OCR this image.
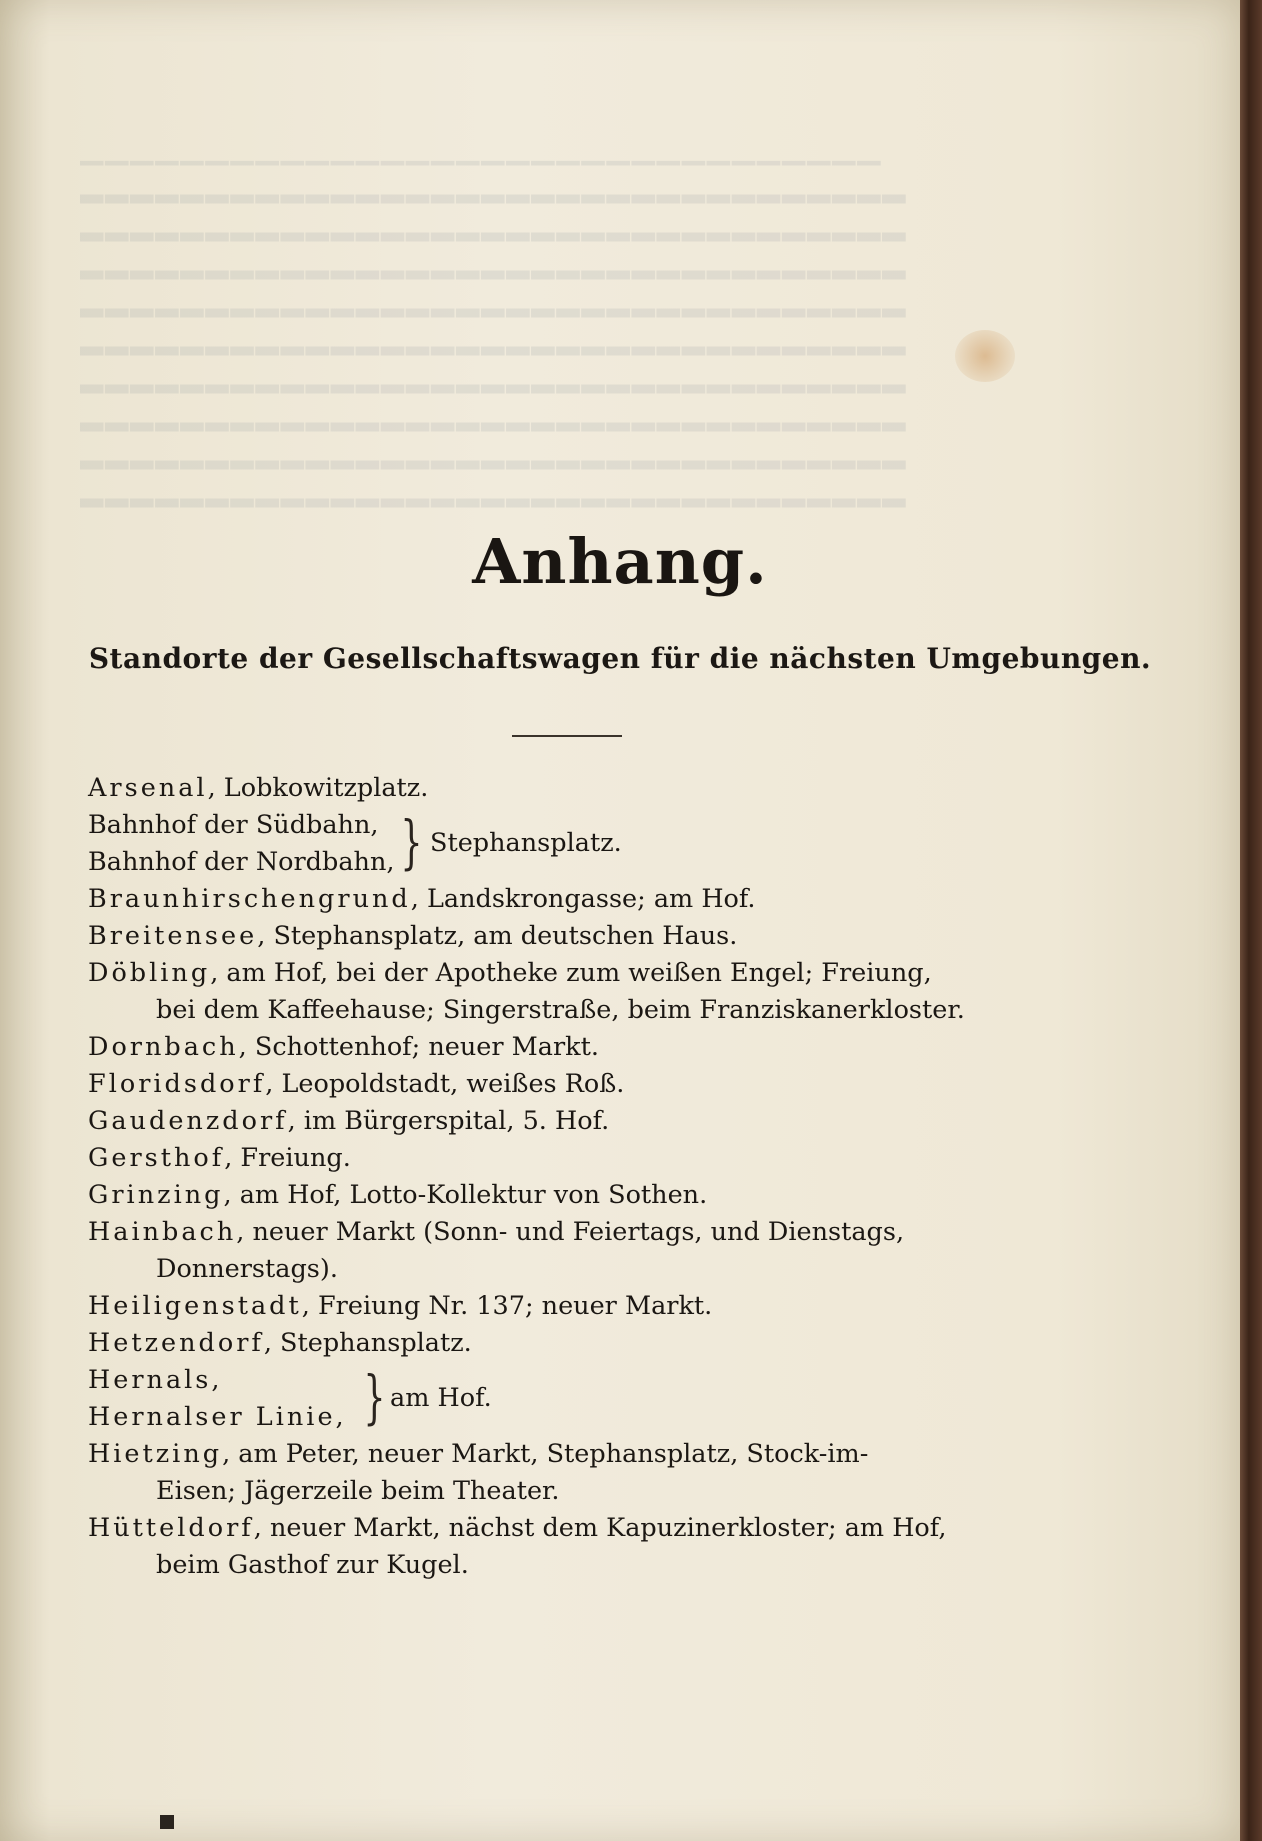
▁▁▁▁▁▁▁▁▁▁▁▁▁▁▁▁▁▁▁▁▁▁▁▁▁▁▁▁▁▁▁▁
▂▂▂▂▂▂▂▂▂▂▂▂▂▂▂▂▂▂▂▂▂▂▂▂▂▂▂▂▂▂▂▂▂
▂▂▂▂▂▂▂▂▂▂▂▂▂▂▂▂▂▂▂▂▂▂▂▂▂▂▂▂▂▂▂▂▂
▂▂▂▂▂▂▂▂▂▂▂▂▂▂▂▂▂▂▂▂▂▂▂▂▂▂▂▂▂▂▂▂▂
▂▂▂▂▂▂▂▂▂▂▂▂▂▂▂▂▂▂▂▂▂▂▂▂▂▂▂▂▂▂▂▂▂
▂▂▂▂▂▂▂▂▂▂▂▂▂▂▂▂▂▂▂▂▂▂▂▂▂▂▂▂▂▂▂▂▂
▂▂▂▂▂▂▂▂▂▂▂▂▂▂▂▂▂▂▂▂▂▂▂▂▂▂▂▂▂▂▂▂▂
▂▂▂▂▂▂▂▂▂▂▂▂▂▂▂▂▂▂▂▂▂▂▂▂▂▂▂▂▂▂▂▂▂
▂▂▂▂▂▂▂▂▂▂▂▂▂▂▂▂▂▂▂▂▂▂▂▂▂▂▂▂▂▂▂▂▂
▂▂▂▂▂▂▂▂▂▂▂▂▂▂▂▂▂▂▂▂▂▂▂▂▂▂▂▂▂▂▂▂▂
Anhang.
Standorte der Gesellschaftswagen für die nächsten Umgebungen.
Arsenal, Lobkowitzplatz.
Bahnhof der Südbahn,
Bahnhof der Nordbahn, } Stephansplatz.
Braunhirschengrund, Landskrongasse; am Hof.
Breitensee, Stephansplatz, am deutschen Haus.
Döbling, am Hof, bei der Apotheke zum weißen Engel; Freiung,
bei dem Kaffeehause; Singerstraße, beim Franziskanerkloster.
Dornbach, Schottenhof; neuer Markt.
Floridsdorf, Leopoldstadt, weißes Roß.
Gaudenzdorf, im Bürgerspital, 5. Hof.
Gersthof, Freiung.
Grinzing, am Hof, Lotto-Kollektur von Sothen.
Hainbach, neuer Markt (Sonn- und Feiertags, und Dienstags,
Donnerstags).
Heiligenstadt, Freiung Nr. 137; neuer Markt.
Hetzendorf, Stephansplatz.
Hernals,
Hernalser Linie, } am Hof.
Hietzing, am Peter, neuer Markt, Stephansplatz, Stock-im-
Eisen; Jägerzeile beim Theater.
Hütteldorf, neuer Markt, nächst dem Kapuzinerkloster; am Hof,
beim Gasthof zur Kugel.
